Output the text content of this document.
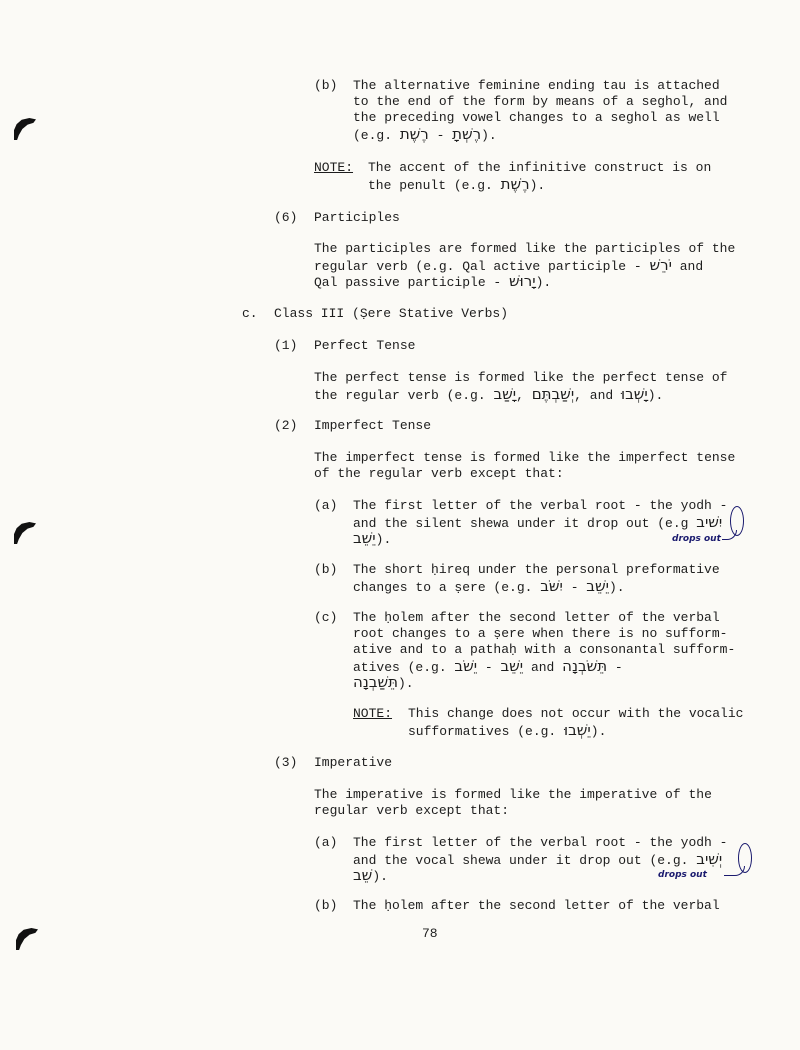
(b) The alternative feminine ending tau is attached
to the end of the form by means of a seghol, and
the preceding vowel changes to a seghol as well
(e.g. רֶשֶׁת - רֶשְׁתָ).
NOTE: The accent of the infinitive construct is on
the penult (e.g. רֶשֶׁת).
(6) Participles
The participles are formed like the participles of the
regular verb (e.g. Qal active participle - יֹרֵשׁ and
Qal passive participle - יָרוּשׁ).
c. Class III (Ṣere Stative Verbs)
(1) Perfect Tense
The perfect tense is formed like the perfect tense of
the regular verb (e.g. יָשַׁב, יְשַׁבְתֶּם, and יָשְׁבוּ).
(2) Imperfect Tense
The imperfect tense is formed like the imperfect tense
of the regular verb except that:
(a) The first letter of the verbal root - the yodh -
and the silent shewa under it drop out (e.g יִשׁיב
יֵשֵׁב).	drops out
(b) The short ḥireq under the personal preformative
changes to a ṣere (e.g. יִשֹּׁב - יֵשֵׁב).
(c) The ḥolem after the second letter of the verbal
root changes to a ṣere when there is no sufform-
ative and to a pathaḥ with a consonantal sufform-
atives (e.g. יֵשֹׁב - יֵשֵׁב and תֵּשֹׁבְנָה -
תֵּשַׁבְנָה).
NOTE: This change does not occur with the vocalic
sufformatives (e.g. יֵשְׁבוּ).
(3) Imperative
The imperative is formed like the imperative of the
regular verb except that:
(a) The first letter of the verbal root - the yodh -
and the vocal shewa under it drop out (e.g. יְשִׁיב
שֵׁב).	drops out
(b) The ḥolem after the second letter of the verbal
78
